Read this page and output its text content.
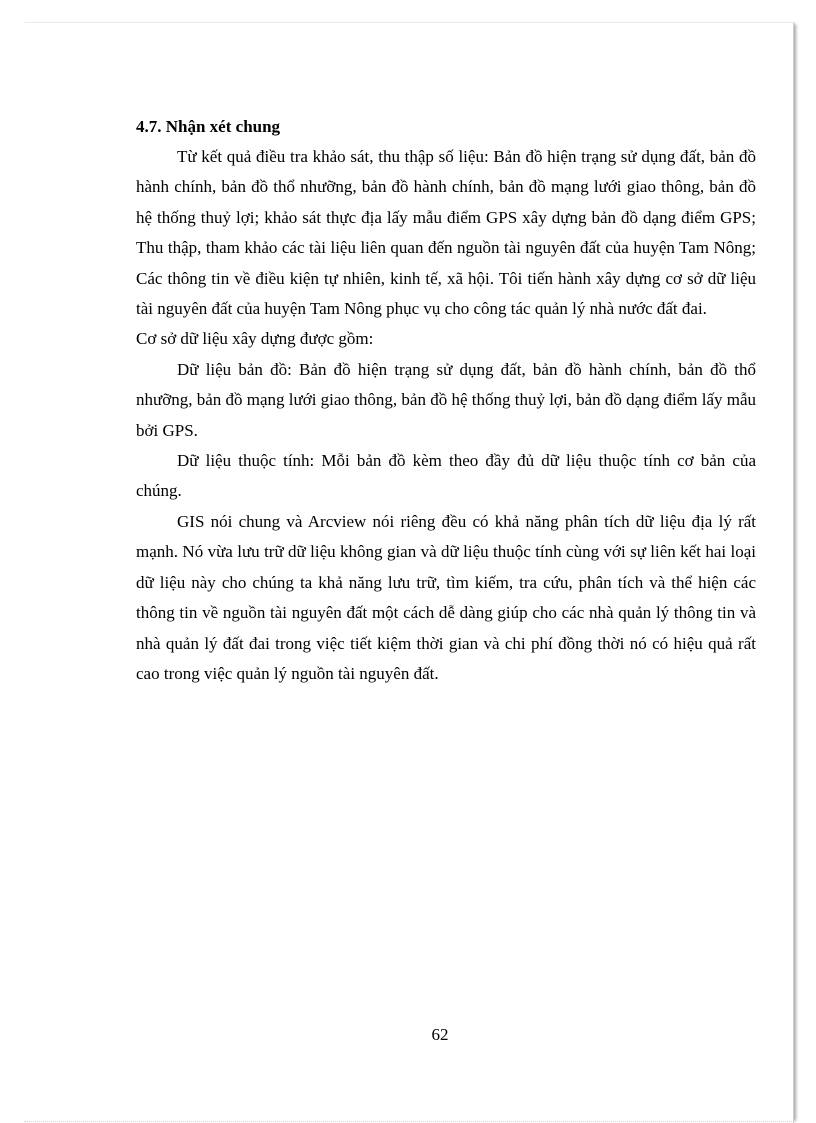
4.7. Nhận xét chung

Từ kết quả điều tra khảo sát, thu thập số liệu: Bản đồ hiện trạng sử dụng đất, bản đồ hành chính, bản đồ thổ nhưỡng, bản đồ hành chính, bản đồ mạng lưới giao thông, bản đồ hệ thống thuỷ lợi; khảo sát thực địa lấy mẫu điểm GPS xây dựng bản đồ dạng điểm GPS; Thu thập, tham khảo các tài liệu liên quan đến nguồn tài nguyên đất của huyện Tam Nông; Các thông tin về điều kiện tự nhiên, kinh tế, xã hội. Tôi tiến hành xây dựng cơ sở dữ liệu tài nguyên đất của huyện Tam Nông phục vụ cho công tác quản lý nhà nước đất đai.

Cơ sở dữ liệu xây dựng được gồm:

Dữ liệu bản đồ: Bản đồ hiện trạng sử dụng đất, bản đồ hành chính, bản đồ thổ nhưỡng, bản đồ mạng lưới giao thông, bản đồ hệ thống thuỷ lợi, bản đồ dạng điểm lấy mẫu bởi GPS.

Dữ liệu thuộc tính: Mỗi bản đồ kèm theo đầy đủ dữ liệu thuộc tính cơ bản của chúng.

GIS nói chung và Arcview nói riêng đều có khả năng phân tích dữ liệu địa lý rất mạnh. Nó vừa lưu trữ dữ liệu không gian và dữ liệu thuộc tính cùng với sự liên kết hai loại dữ liệu này cho chúng ta khả năng lưu trữ, tìm kiếm, tra cứu, phân tích và thể hiện các thông tin về nguồn tài nguyên đất một cách dễ dàng giúp cho các nhà quản lý thông tin và nhà quản lý đất đai trong việc tiết kiệm thời gian và chi phí đồng thời nó có hiệu quả rất cao trong việc quản lý nguồn tài nguyên đất.

62
